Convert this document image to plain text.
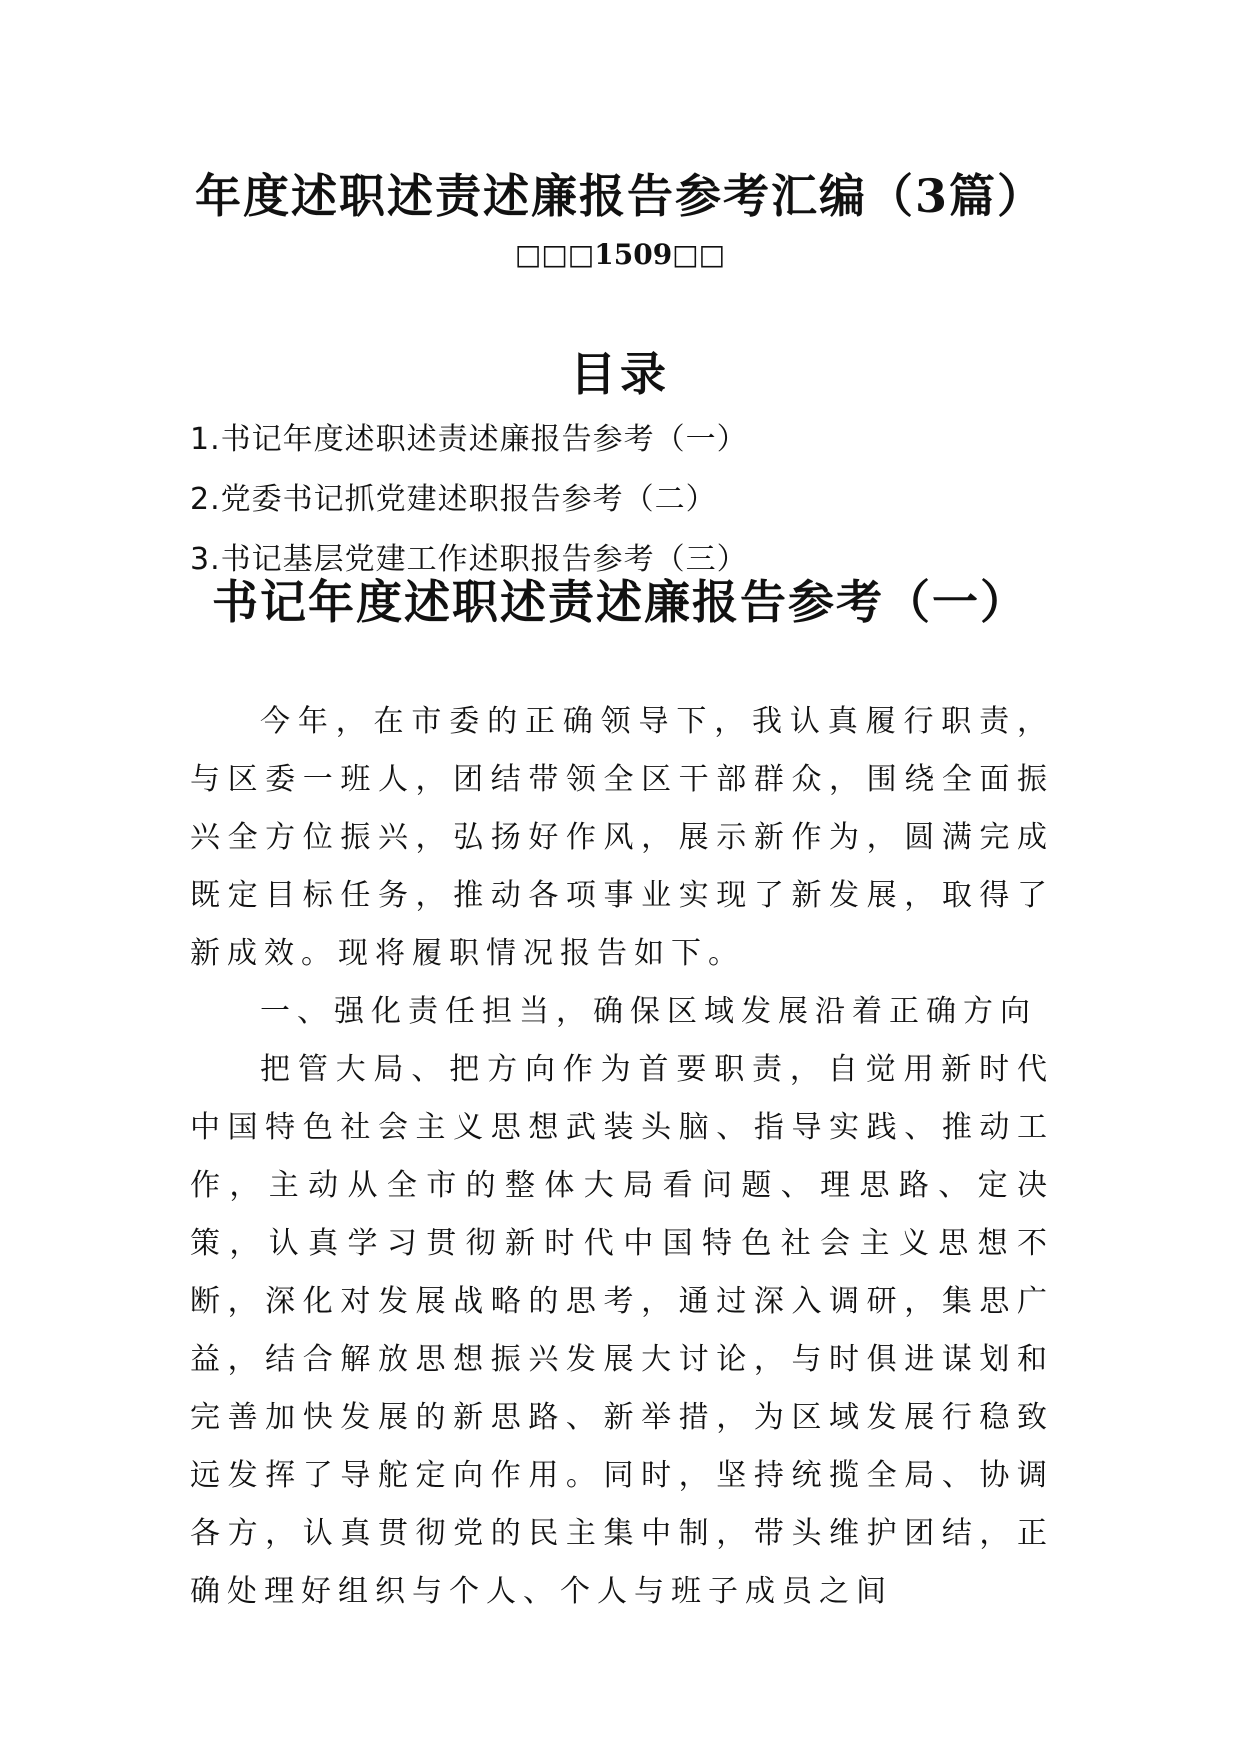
年度述职述责述廉报告参考汇编（3篇）
□□□1509□□
目录
1.书记年度述职述责述廉报告参考（一）
2.党委书记抓党建述职报告参考（二）
3.书记基层党建工作述职报告参考（三）
书记年度述职述责述廉报告参考（一）

今年，在市委的正确领导下，我认真履行职责，与区委一班人，团结带领全区干部群众，围绕全面振兴全方位振兴，弘扬好作风，展示新作为，圆满完成既定目标任务，推动各项事业实现了新发展，取得了新成效。现将履职情况报告如下。

一、强化责任担当，确保区域发展沿着正确方向

把管大局、把方向作为首要职责，自觉用新时代中国特色社会主义思想武装头脑、指导实践、推动工作，主动从全市的整体大局看问题、理思路、定决策，认真学习贯彻新时代中国特色社会主义思想不断，深化对发展战略的思考，通过深入调研，集思广益，结合解放思想振兴发展大讨论，与时俱进谋划和完善加快发展的新思路、新举措，为区域发展行稳致远发挥了导舵定向作用。同时，坚持统揽全局、协调各方，认真贯彻党的民主集中制，带头维护团结，正确处理好组织与个人、个人与班子成员之间
